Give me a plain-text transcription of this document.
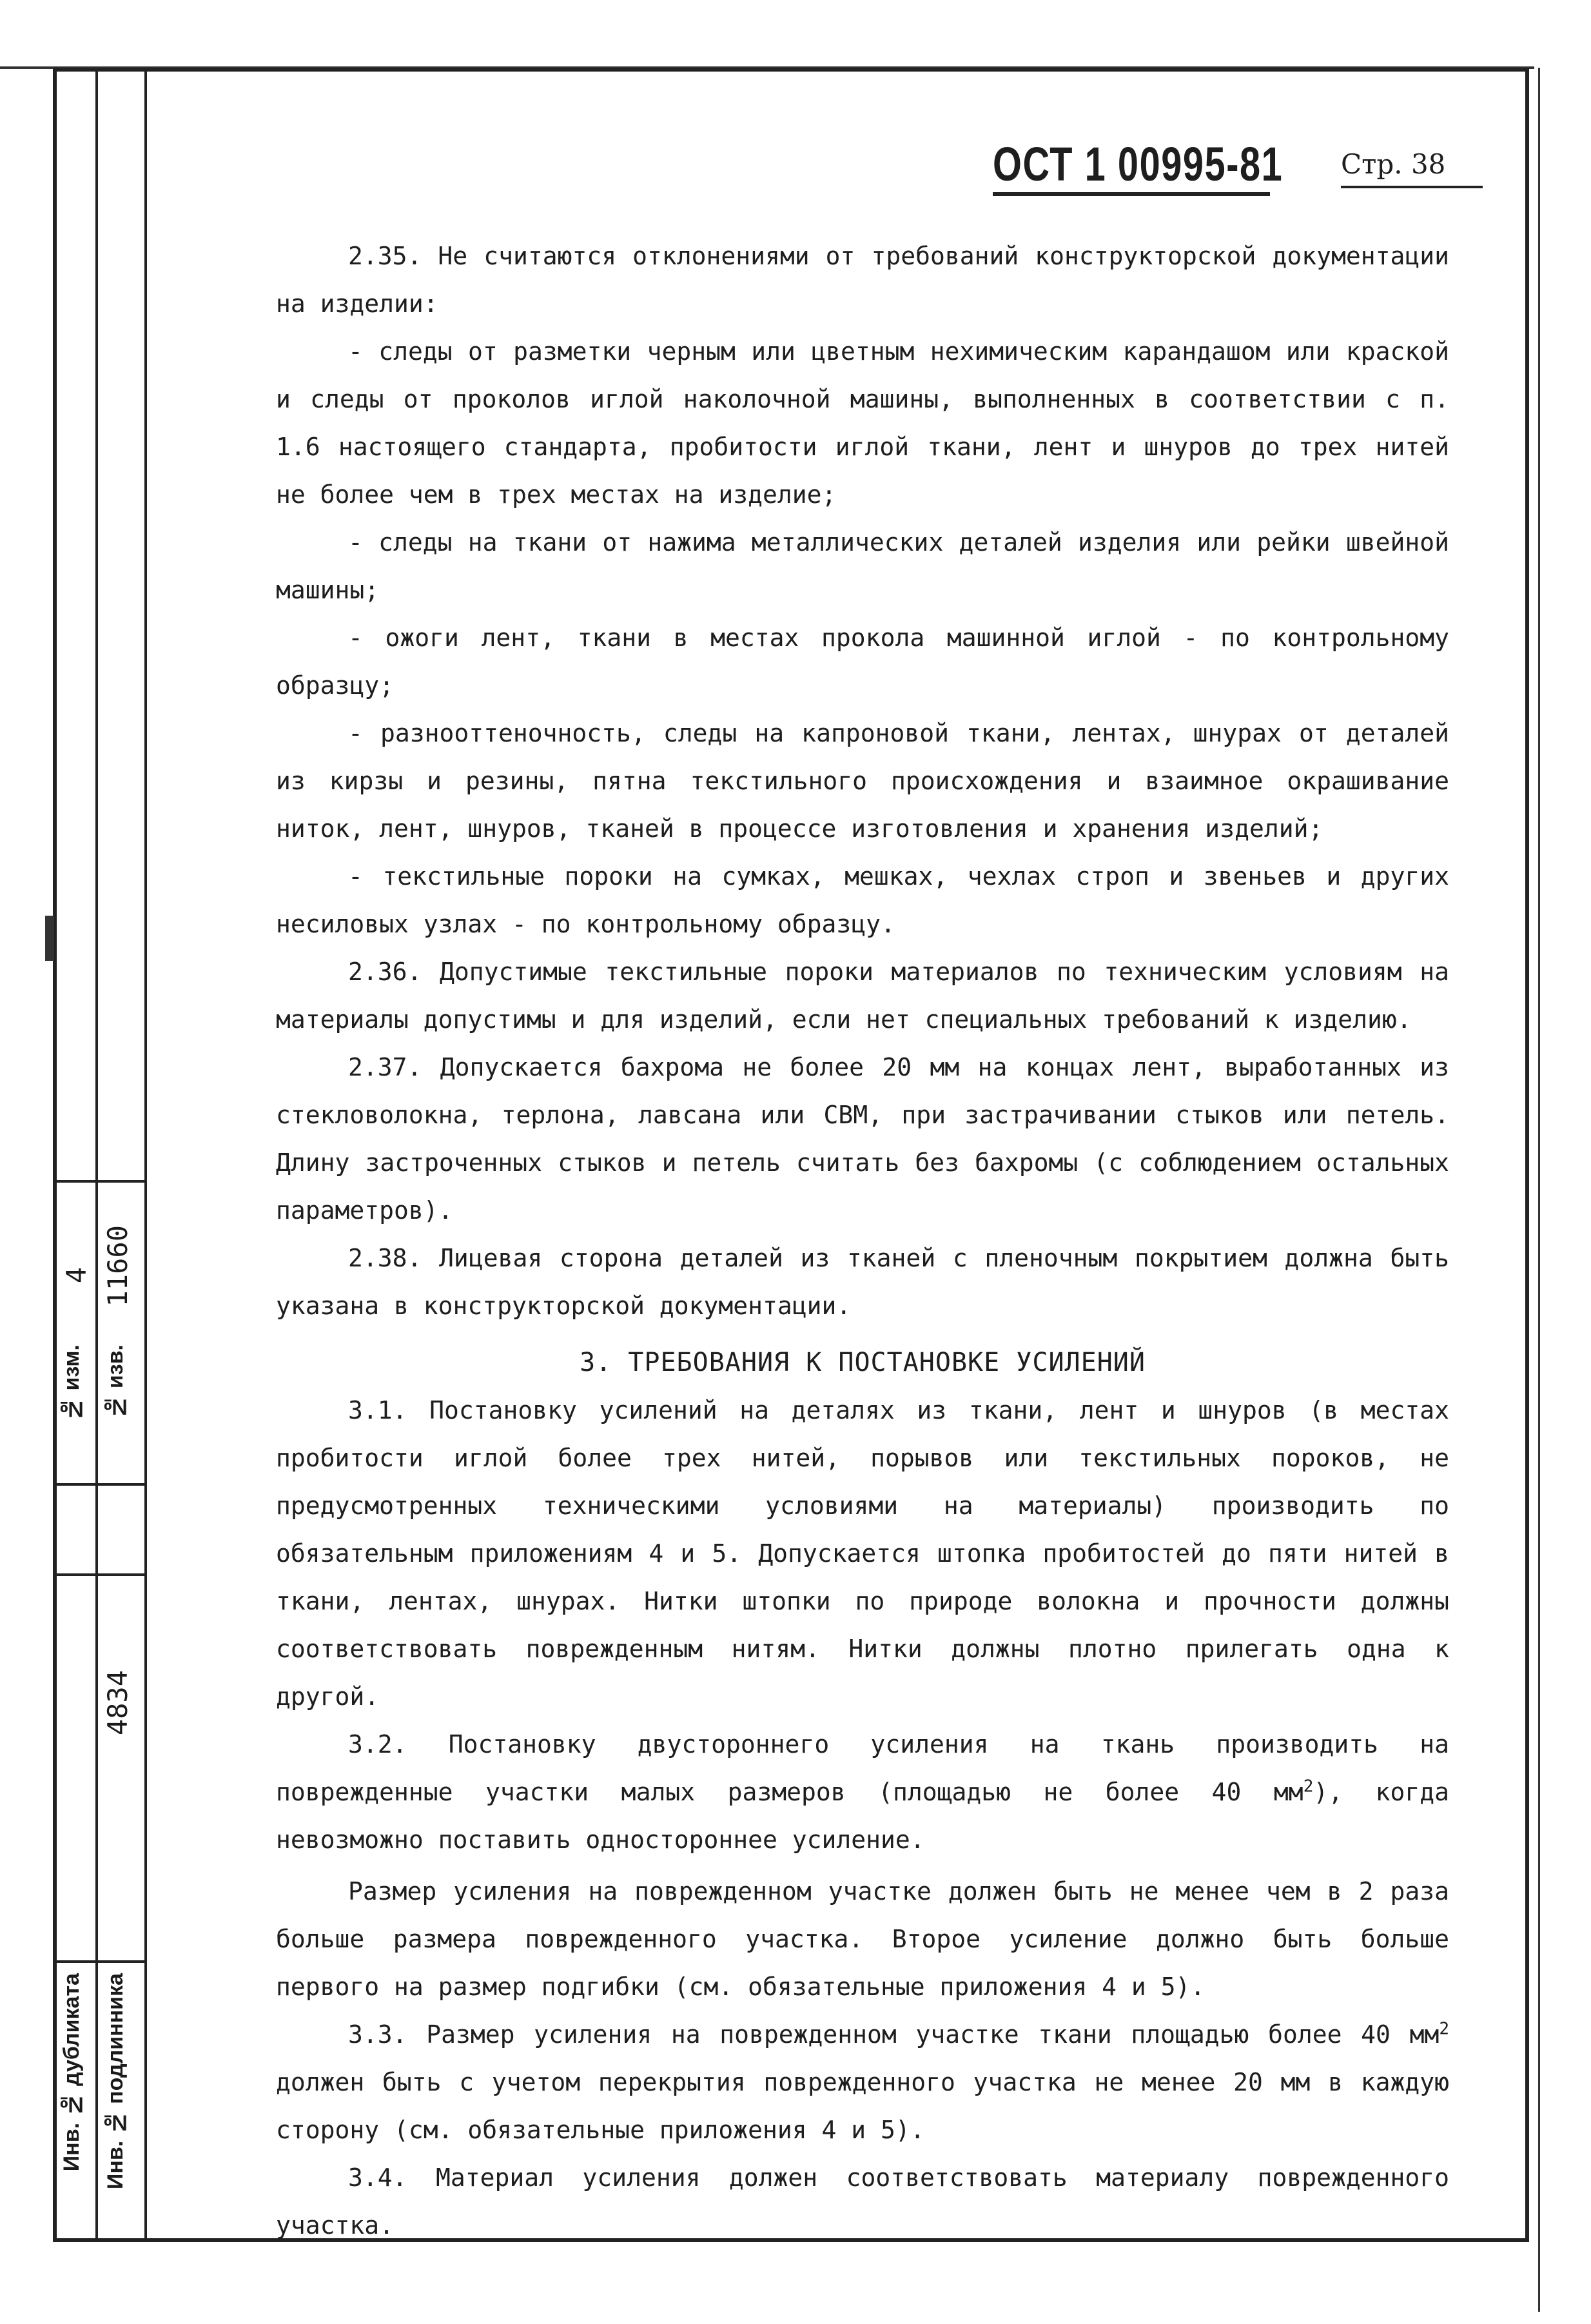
№ изм.
4
№ изв.
11660
4834
Инв. № дубликата Инв. № подлинника
ОСТ 1 00995-81 Стр. 38

2.35. Не считаются отклонениями от требований конструкторской документации на изделии:

- следы от разметки черным или цветным нехимическим карандашом или краской и следы от проколов иглой наколочной машины, выполненных в соответствии с п. 1.6 настоящего стандарта, пробитости иглой ткани, лент и шнуров до трех нитей не более чем в трех местах на изделие;

- следы на ткани от нажима металлических деталей изделия или рейки швейной машины;

- ожоги лент, ткани в местах прокола машинной иглой - по контрольному образцу;

- разнооттеночность, следы на капроновой ткани, лентах, шнурах от деталей из кирзы и резины, пятна текстильного происхождения и взаимное окрашивание ниток, лент, шнуров, тканей в процессе изготовления и хранения изделий;

- текстильные пороки на сумках, мешках, чехлах строп и звеньев и других несиловых узлах - по контрольному образцу.

2.36. Допустимые текстильные пороки материалов по техническим условиям на материалы допустимы и для изделий, если нет специальных требований к изделию.

2.37. Допускается бахрома не более 20 мм на концах лент, выработанных из стекловолокна, терлона, лавсана или СВМ, при застрачивании стыков или петель. Длину застроченных стыков и петель считать без бахромы (с соблюдением остальных параметров).

2.38. Лицевая сторона деталей из тканей с пленочным покрытием должна быть указана в конструкторской документации.

3. ТРЕБОВАНИЯ К ПОСТАНОВКЕ УСИЛЕНИЙ

3.1. Постановку усилений на деталях из ткани, лент и шнуров (в местах пробитости иглой более трех нитей, порывов или текстильных пороков, не предусмотренных техническими условиями на материалы) производить по обязательным приложениям 4 и 5. Допускается штопка пробитостей до пяти нитей в ткани, лентах, шнурах. Нитки штопки по природе волокна и прочности должны соответствовать поврежденным нитям. Нитки должны плотно прилегать одна к другой.

3.2. Постановку двустороннего усиления на ткань производить на поврежденные участки малых размеров (площадью не более 40 $мм^2$), когда невозможно поставить одностороннее усиление.

Размер усиления на поврежденном участке должен быть не менее чем в 2 раза больше размера поврежденного участка. Второе усиление должно быть больше первого на размер подгибки (см. обязательные приложения 4 и 5).

3.3. Размер усиления на поврежденном участке ткани площадью более 40 $мм^2$ должен быть с учетом перекрытия поврежденного участка не менее 20 мм в каждую сторону (см. обязательные приложения 4 и 5).

3.4. Материал усиления должен соответствовать материалу поврежденного участка.
